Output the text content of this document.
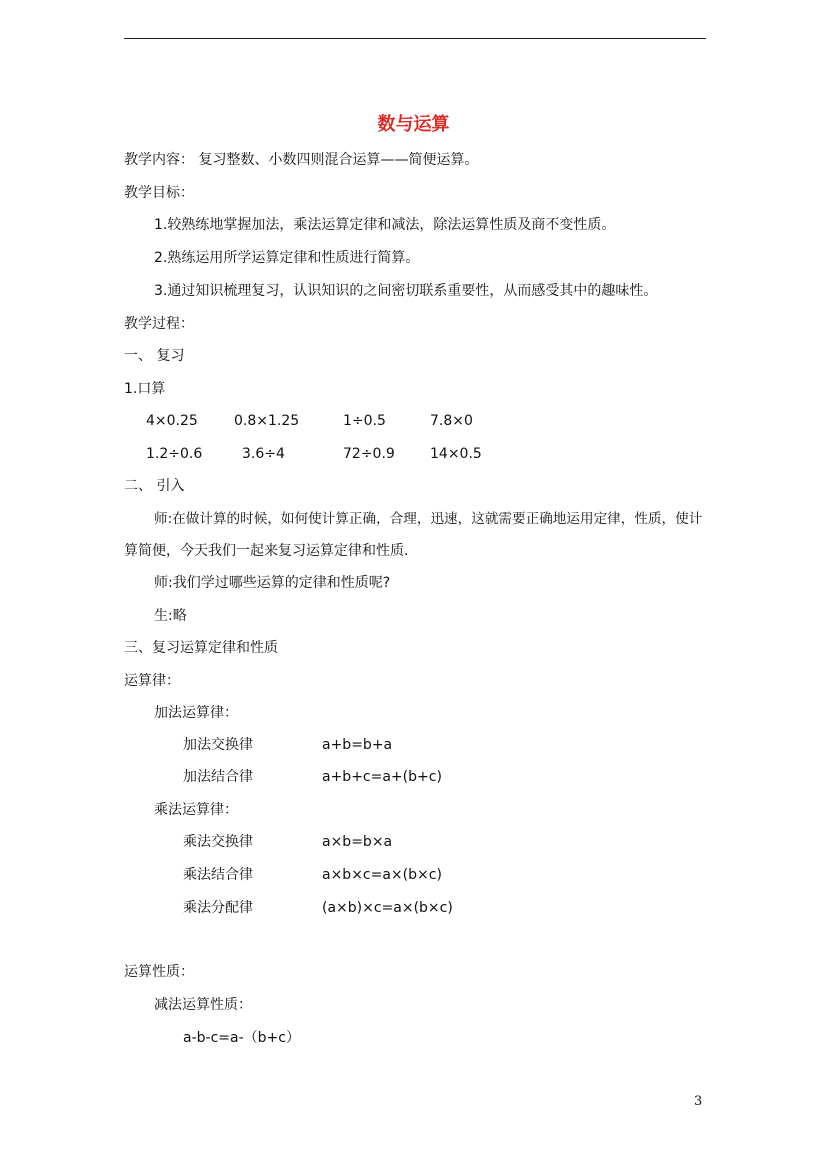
数与运算
教学内容： 复习整数、小数四则混合运算——简便运算。
教学目标：
1.较熟练地掌握加法，乘法运算定律和减法，除法运算性质及商不变性质。
2.熟练运用所学运算定律和性质进行简算。
3.通过知识梳理复习，认识知识的之间密切联系重要性，从而感受其中的趣味性。
教学过程：
一、 复习
1.口算
4×0.25	0.8×1.25	1÷0.5	7.8×0
1.2÷0.6	3.6÷4	72÷0.9	14×0.5
二、 引入
师:在做计算的时候，如何使计算正确，合理，迅速，这就需要正确地运用定律，性质，使计
算简便，今天我们一起来复习运算定律和性质.
师:我们学过哪些运算的定律和性质呢?
生:略
三、复习运算定律和性质
运算律：
加法运算律：
加法交换律	a+b=b+a
加法结合律	a+b+c=a+(b+c)
乘法运算律：
乘法交换律	a×b=b×a
乘法结合律	a×b×c=a×(b×c)
乘法分配律	(a×b)×c=a×(b×c)
运算性质：
减法运算性质：
a-b-c=a-（b+c）
3
